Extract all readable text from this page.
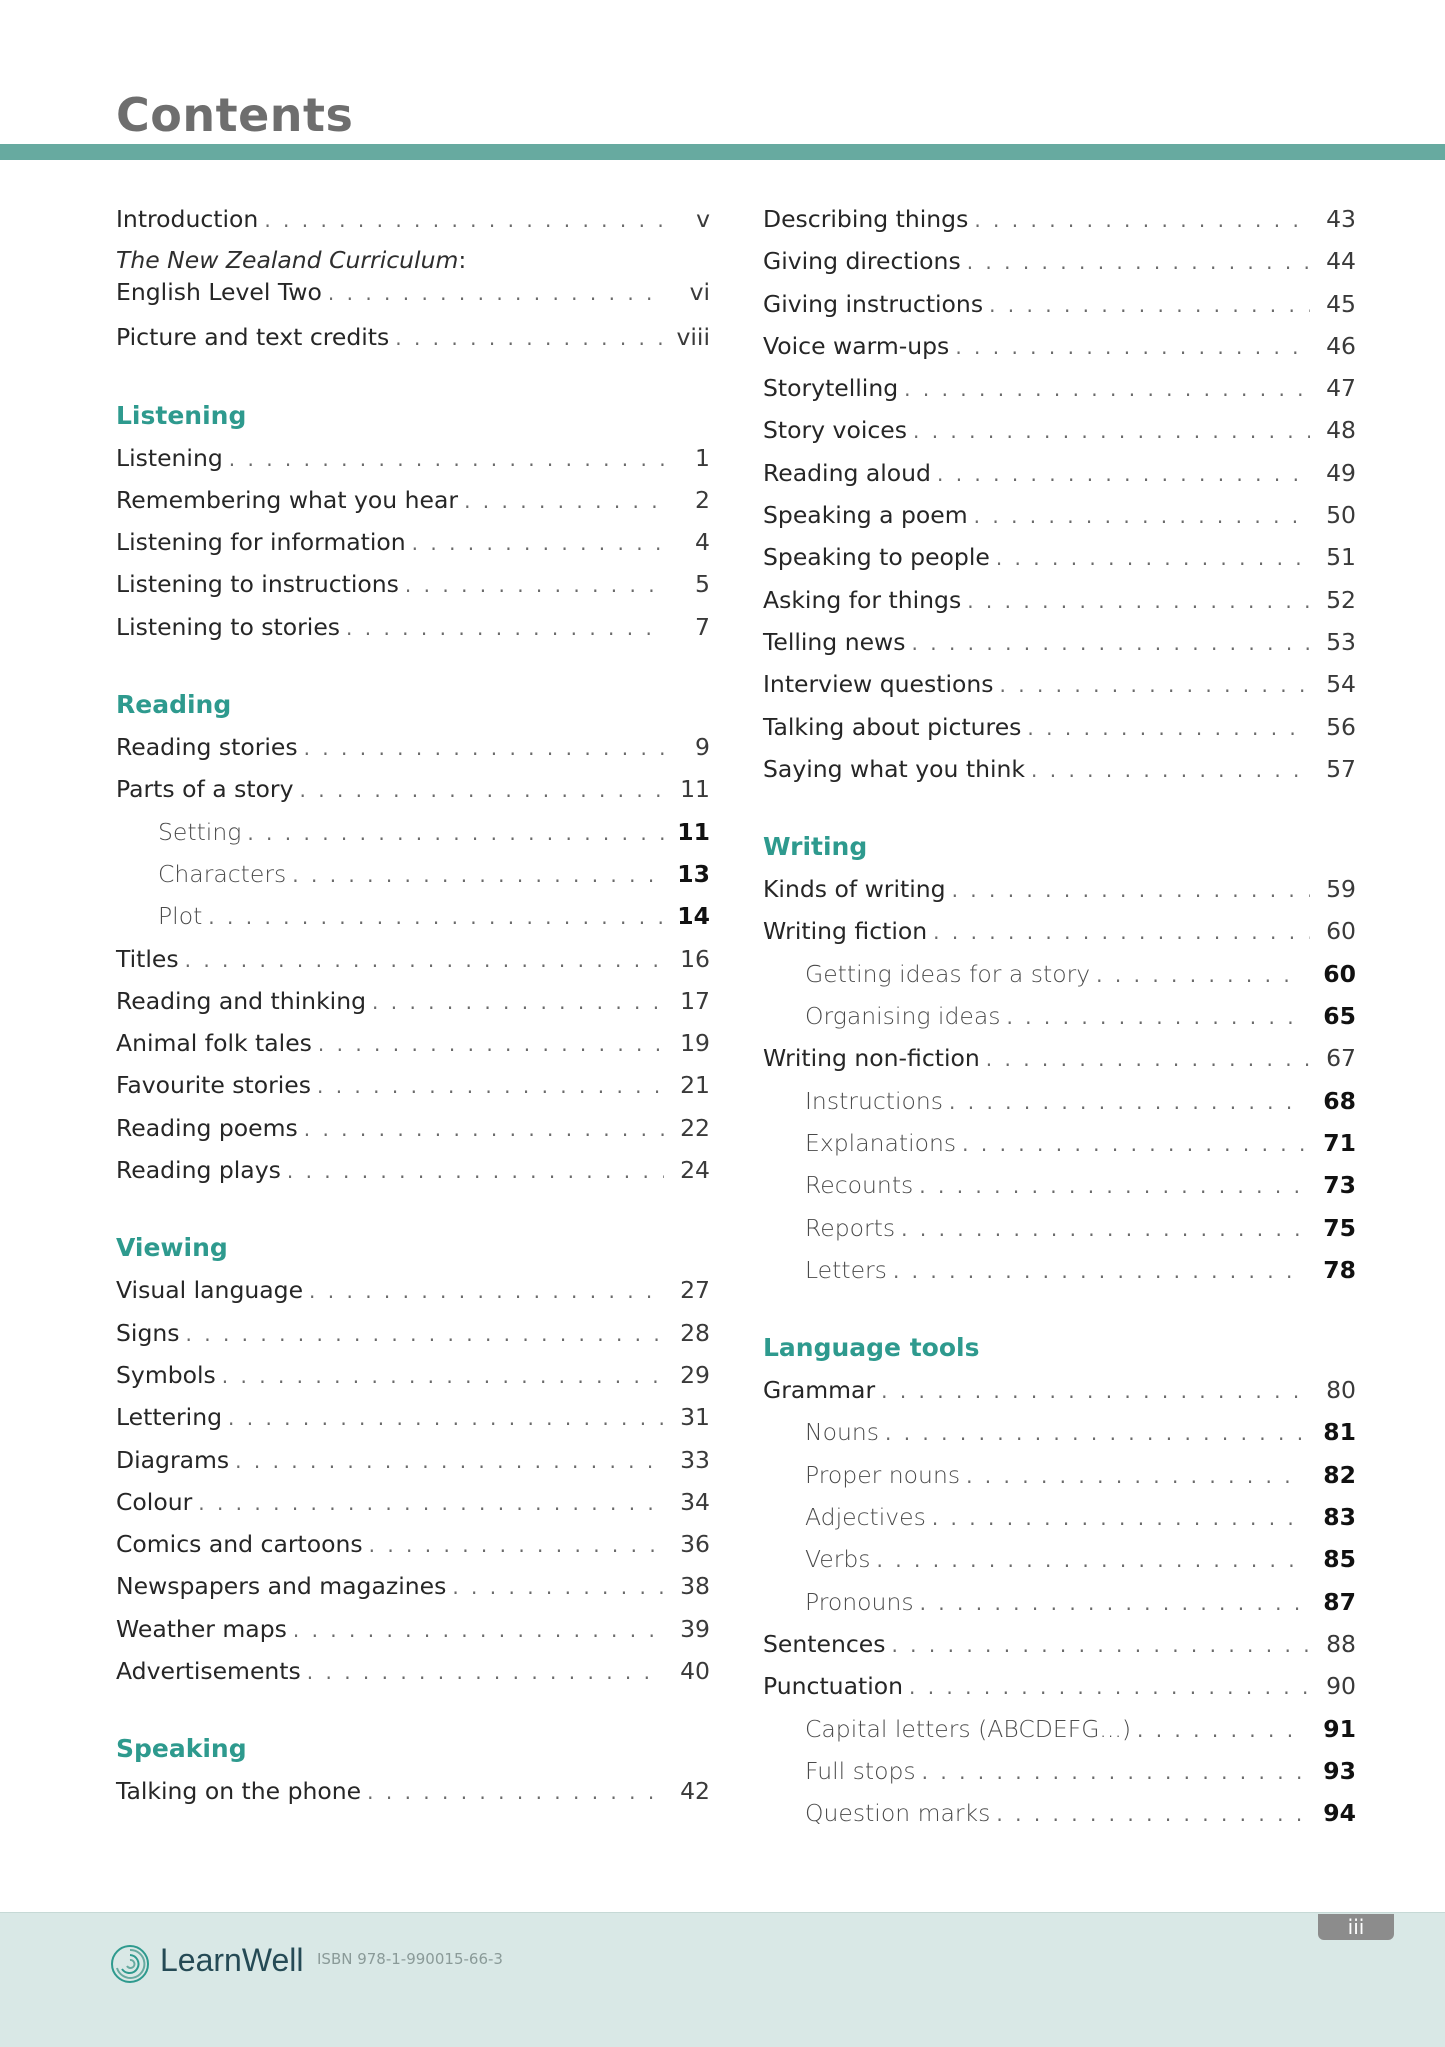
Contents
Introduction . . .	v
The New Zealand Curriculum:
English Level Two . . .	vi
Picture and text credits . . .	viii
Listening
Listening . . .	1
Remembering what you hear . . .	2
Listening for information . . .	4
Listening to instructions . . .	5
Listening to stories . . .	7
Reading
Reading stories . . .	9
Parts of a story . . .	11
Setting . . .	11
Characters . . .	13
Plot . . .	14
Titles . . .	16
Reading and thinking . . .	17
Animal folk tales . . .	19
Favourite stories . . .	21
Reading poems . . .	22
Reading plays . . .	24
Viewing
Visual language . . .	27
Signs . . .	28
Symbols . . .	29
Lettering . . .	31
Diagrams . . .	33
Colour . . .	34
Comics and cartoons . . .	36
Newspapers and magazines . . .	38
Weather maps . . .	39
Advertisements . . .	40
Speaking
Talking on the phone . . .	42
Describing things . . .	43
Giving directions . . .	44
Giving instructions . . .	45
Voice warm-ups . . .	46
Storytelling . . .	47
Story voices . . .	48
Reading aloud . . .	49
Speaking a poem . . .	50
Speaking to people . . .	51
Asking for things . . .	52
Telling news . . .	53
Interview questions . . .	54
Talking about pictures . . .	56
Saying what you think . . .	57
Writing
Kinds of writing . . .	59
Writing fiction . . .	60
Getting ideas for a story . . .	60
Organising ideas . . .	65
Writing non-fiction . . .	67
Instructions . . .	68
Explanations . . .	71
Recounts . . .	73
Reports . . .	75
Letters . . .	78
Language tools
Grammar . . .	80
Nouns . . .	81
Proper nouns . . .	82
Adjectives . . .	83
Verbs . . .	85
Pronouns . . .	87
Sentences . . .	88
Punctuation . . .	90
Capital letters (ABCDEFG...) . . .	91
Full stops . . .	93
Question marks . . .	94
LearnWell ISBN 978-1-990015-66-3
iii
